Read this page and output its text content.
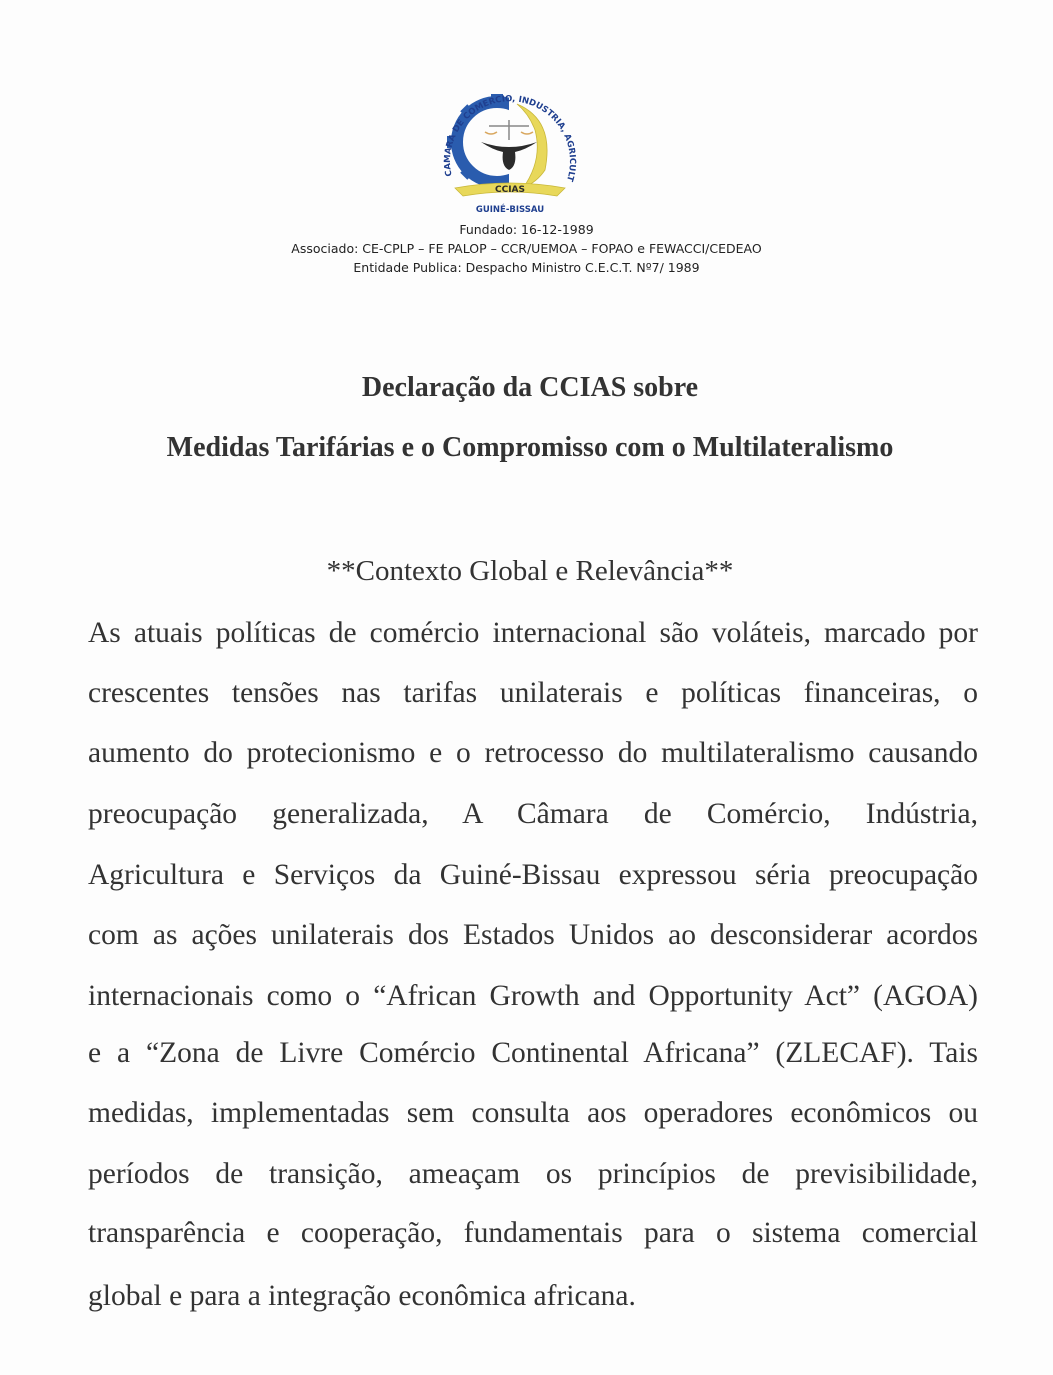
CAMARA DE COMERCIO, INDUSTRIA, AGRICULT
CCIAS
GUINÉ-BISSAU
Fundado: 16-12-1989
Associado: CE-CPLP – FE PALOP – CCR/UEMOA – FOPAO e FEWACCI/CEDEAO
Entidade Publica: Despacho Ministro C.E.C.T. Nº7/ 1989
Declaração da CCIAS sobre
Medidas Tarifárias e o Compromisso com o Multilateralismo
**Contexto Global e Relevância**
As atuais políticas de comércio internacional são voláteis, marcado por
crescentes tensões nas tarifas unilaterais e políticas financeiras, o
aumento do protecionismo e o retrocesso do multilateralismo causando
preocupação generalizada, A Câmara de Comércio, Indústria,
Agricultura e Serviços da Guiné-Bissau expressou séria preocupação
com as ações unilaterais dos Estados Unidos ao desconsiderar acordos
internacionais como o “African Growth and Opportunity Act” (AGOA)
e a “Zona de Livre Comércio Continental Africana” (ZLECAF). Tais
medidas, implementadas sem consulta aos operadores econômicos ou
períodos de transição, ameaçam os princípios de previsibilidade,
transparência e cooperação, fundamentais para o sistema comercial
global e para a integração econômica africana.
